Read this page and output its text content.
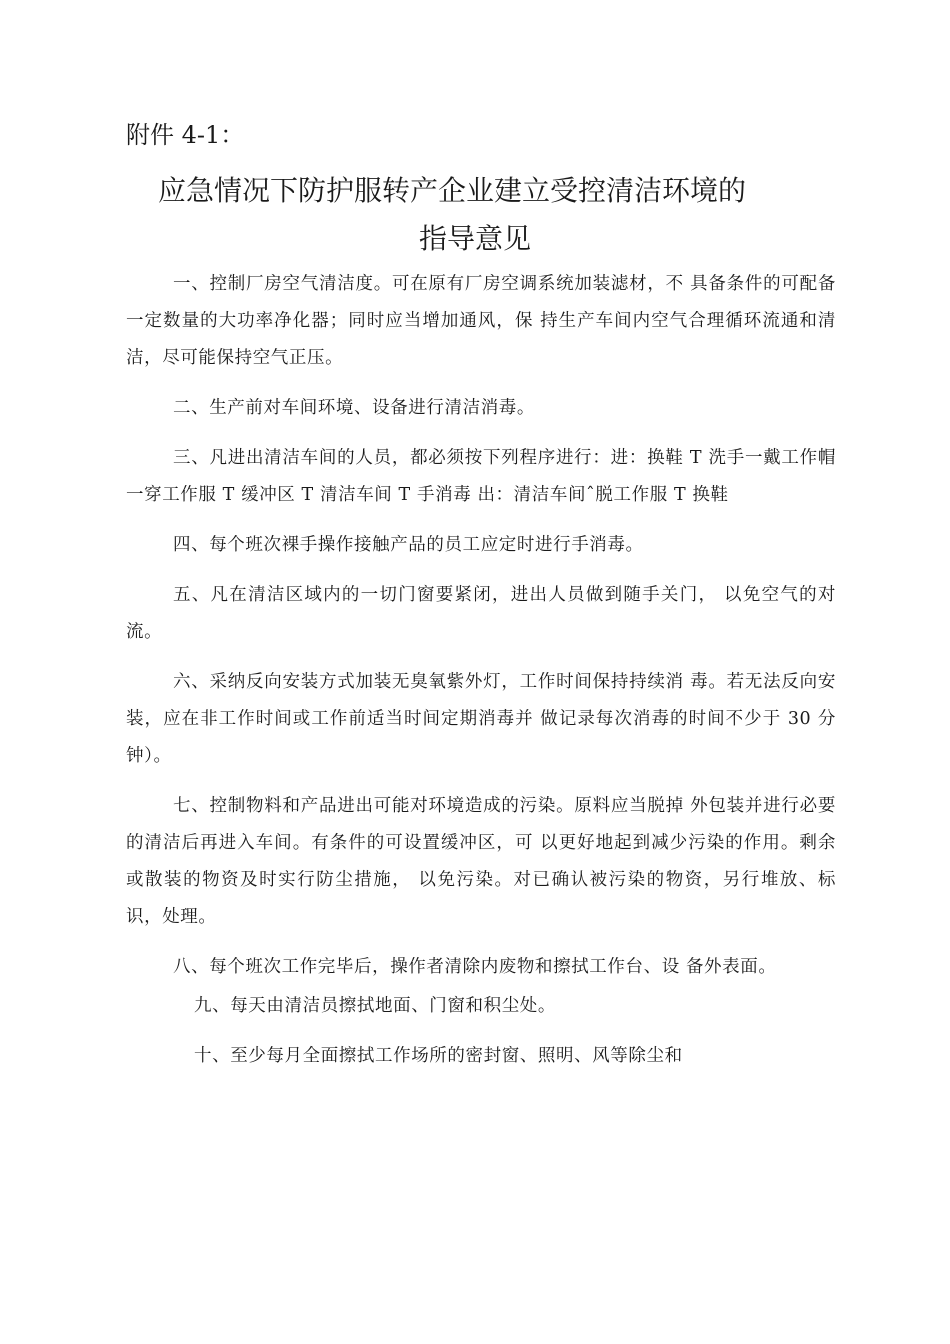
附件 4-1：
应急情况下防护服转产企业建立受控清洁环境的
指导意见

一、控制厂房空气清洁度。可在原有厂房空调系统加装滤材，不 具备条件的可配备一定数量的大功率净化器；同时应当增加通风，保 持生产车间内空气合理循环流通和清洁，尽可能保持空气正压。

二、生产前对车间环境、设备进行清洁消毒。

三、凡进出清洁车间的人员，都必须按下列程序进行：进：换鞋 T 洗手一戴工作帽一穿工作服 T 缓冲区 T 清洁车间 T 手消毒 出：清洁车间ˆ脱工作服 T 换鞋

四、每个班次裸手操作接触产品的员工应定时进行手消毒。

五、凡在清洁区域内的一切门窗要紧闭，进出人员做到随手关门， 以免空气的对流。

六、采纳反向安装方式加装无臭氧紫外灯，工作时间保持持续消 毒。若无法反向安装，应在非工作时间或工作前适当时间定期消毒并 做记录每次消毒的时间不少于 30 分钟）。

七、控制物料和产品进出可能对环境造成的污染。原料应当脱掉 外包装并进行必要的清洁后再进入车间。有条件的可设置缓冲区，可 以更好地起到减少污染的作用。剩余或散装的物资及时实行防尘措施， 以免污染。对已确认被污染的物资，另行堆放、标识，处理。

八、每个班次工作完毕后，操作者清除内废物和擦拭工作台、设 备外表面。

九、每天由清洁员擦拭地面、门窗和积尘处。

十、至少每月全面擦拭工作场所的密封窗、照明、风等除尘和
